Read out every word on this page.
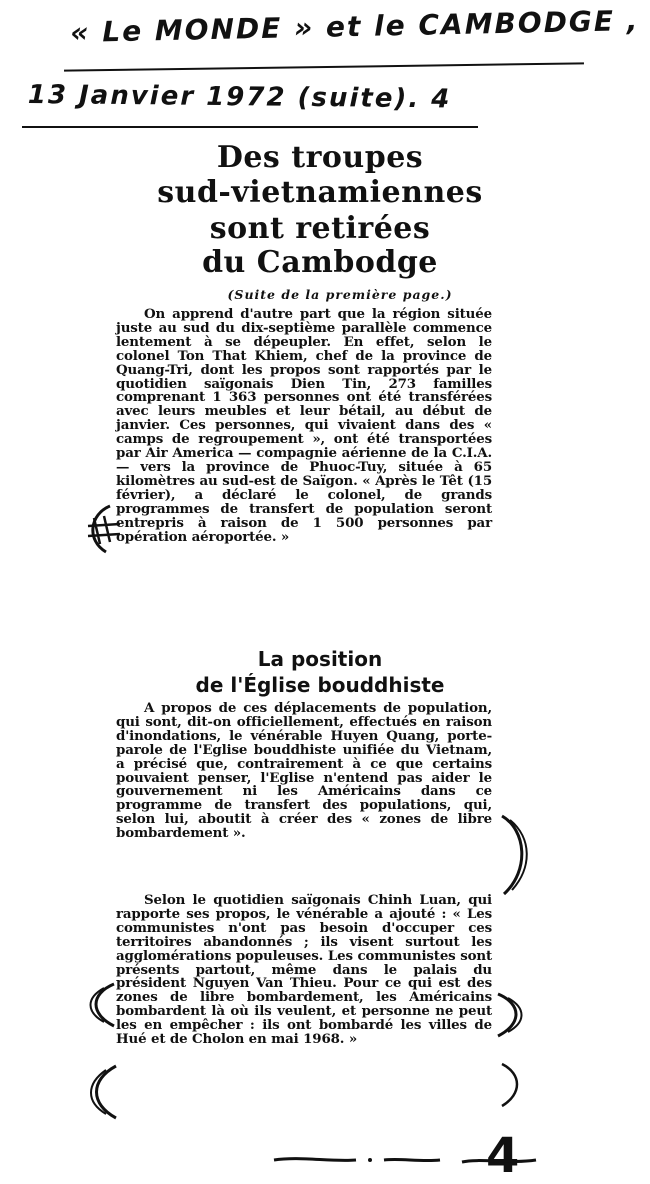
« Le MONDE » et le CAMBODGE ,
13 Janvier 1972 (suite). 4
Des troupes
sud-vietnamiennes
sont retirées
du Cambodge
(Suite de la première page.)

On apprend d'autre part que la région située juste au sud du dix-septième parallèle commence lentement à se dépeupler. En effet, selon le colonel Ton That Khiem, chef de la province de Quang-Tri, dont les propos sont rapportés par le quotidien saïgonais Dien Tin, 273 familles comprenant 1 363 personnes ont été transférées avec leurs meubles et leur bétail, au début de janvier. Ces personnes, qui vivaient dans des « camps de regroupement », ont été transportées par Air America — compagnie aérienne de la C.I.A. — vers la province de Phuoc-Tuy, située à 65 kilomètres au sud-est de Saïgon. « Après le Têt (15 février), a déclaré le colonel, de grands programmes de transfert de population seront entrepris à raison de 1 500 personnes par opération aéroportée. »

La position
de l'Église bouddhiste

A propos de ces déplacements de population, qui sont, dit-on officiellement, effectués en raison d'inondations, le vénérable Huyen Quang, porte-parole de l'Eglise bouddhiste unifiée du Vietnam, a précisé que, contrairement à ce que certains pouvaient penser, l'Eglise n'entend pas aider le gouvernement ni les Américains dans ce programme de transfert des populations, qui, selon lui, aboutit à créer des « zones de libre bombardement ».

Selon le quotidien saïgonais Chinh Luan, qui rapporte ses propos, le vénérable a ajouté : « Les communistes n'ont pas besoin d'occuper ces territoires abandonnés ; ils visent surtout les agglomérations populeuses. Les communistes sont présents partout, même dans le palais du président Nguyen Van Thieu. Pour ce qui est des zones de libre bombardement, les Américains bombardent là où ils veulent, et personne ne peut les en empêcher : ils ont bombardé les villes de Hué et de Cholon en mai 1968. »

4
